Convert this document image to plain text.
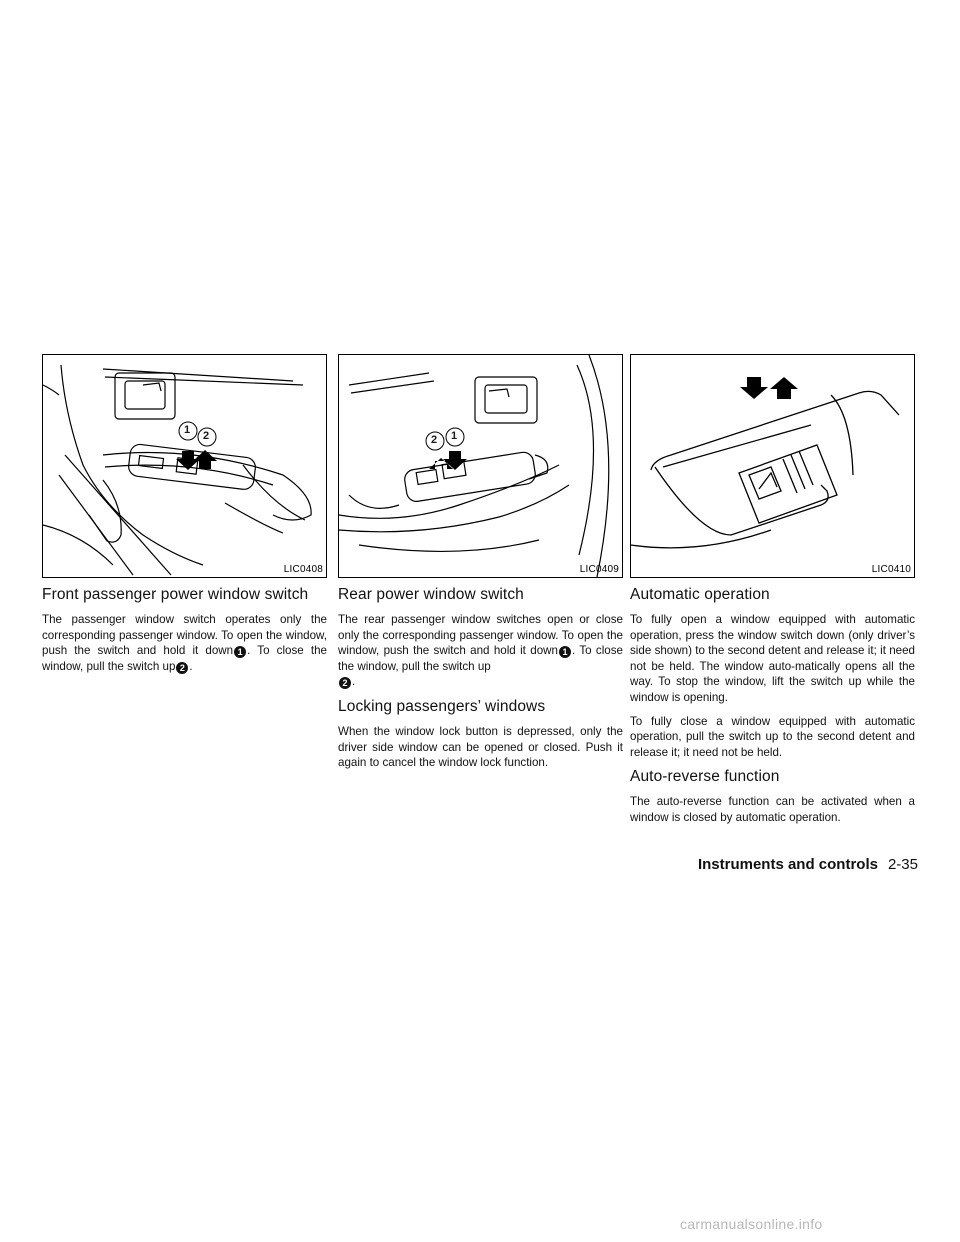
1 2
LIC0408
Front passenger power window switch

The passenger window switch operates only the corresponding passenger window. To open the window, push the switch and hold it down 1 . To close the window, pull the switch up 2 .

2 1
LIC0409
Rear power window switch

The rear passenger window switches open or close only the corresponding passenger window. To open the window, push the switch and hold it down 1 . To close the window, pull the switch up
2 .

Locking passengers’ windows

When the window lock button is depressed, only the driver side window can be opened or closed. Push it again to cancel the window lock function.

LIC0410
Automatic operation

To fully open a window equipped with automatic operation, press the window switch down (only driver’s side shown) to the second detent and release it; it need not be held. The window auto-matically opens all the way. To stop the window, lift the switch up while the window is opening.

To fully close a window equipped with automatic operation, pull the switch up to the second detent and release it; it need not be held.

Auto-reverse function

The auto-reverse function can be activated when a window is closed by automatic operation.

Instruments and controls 2-35
carmanualsonline.info
